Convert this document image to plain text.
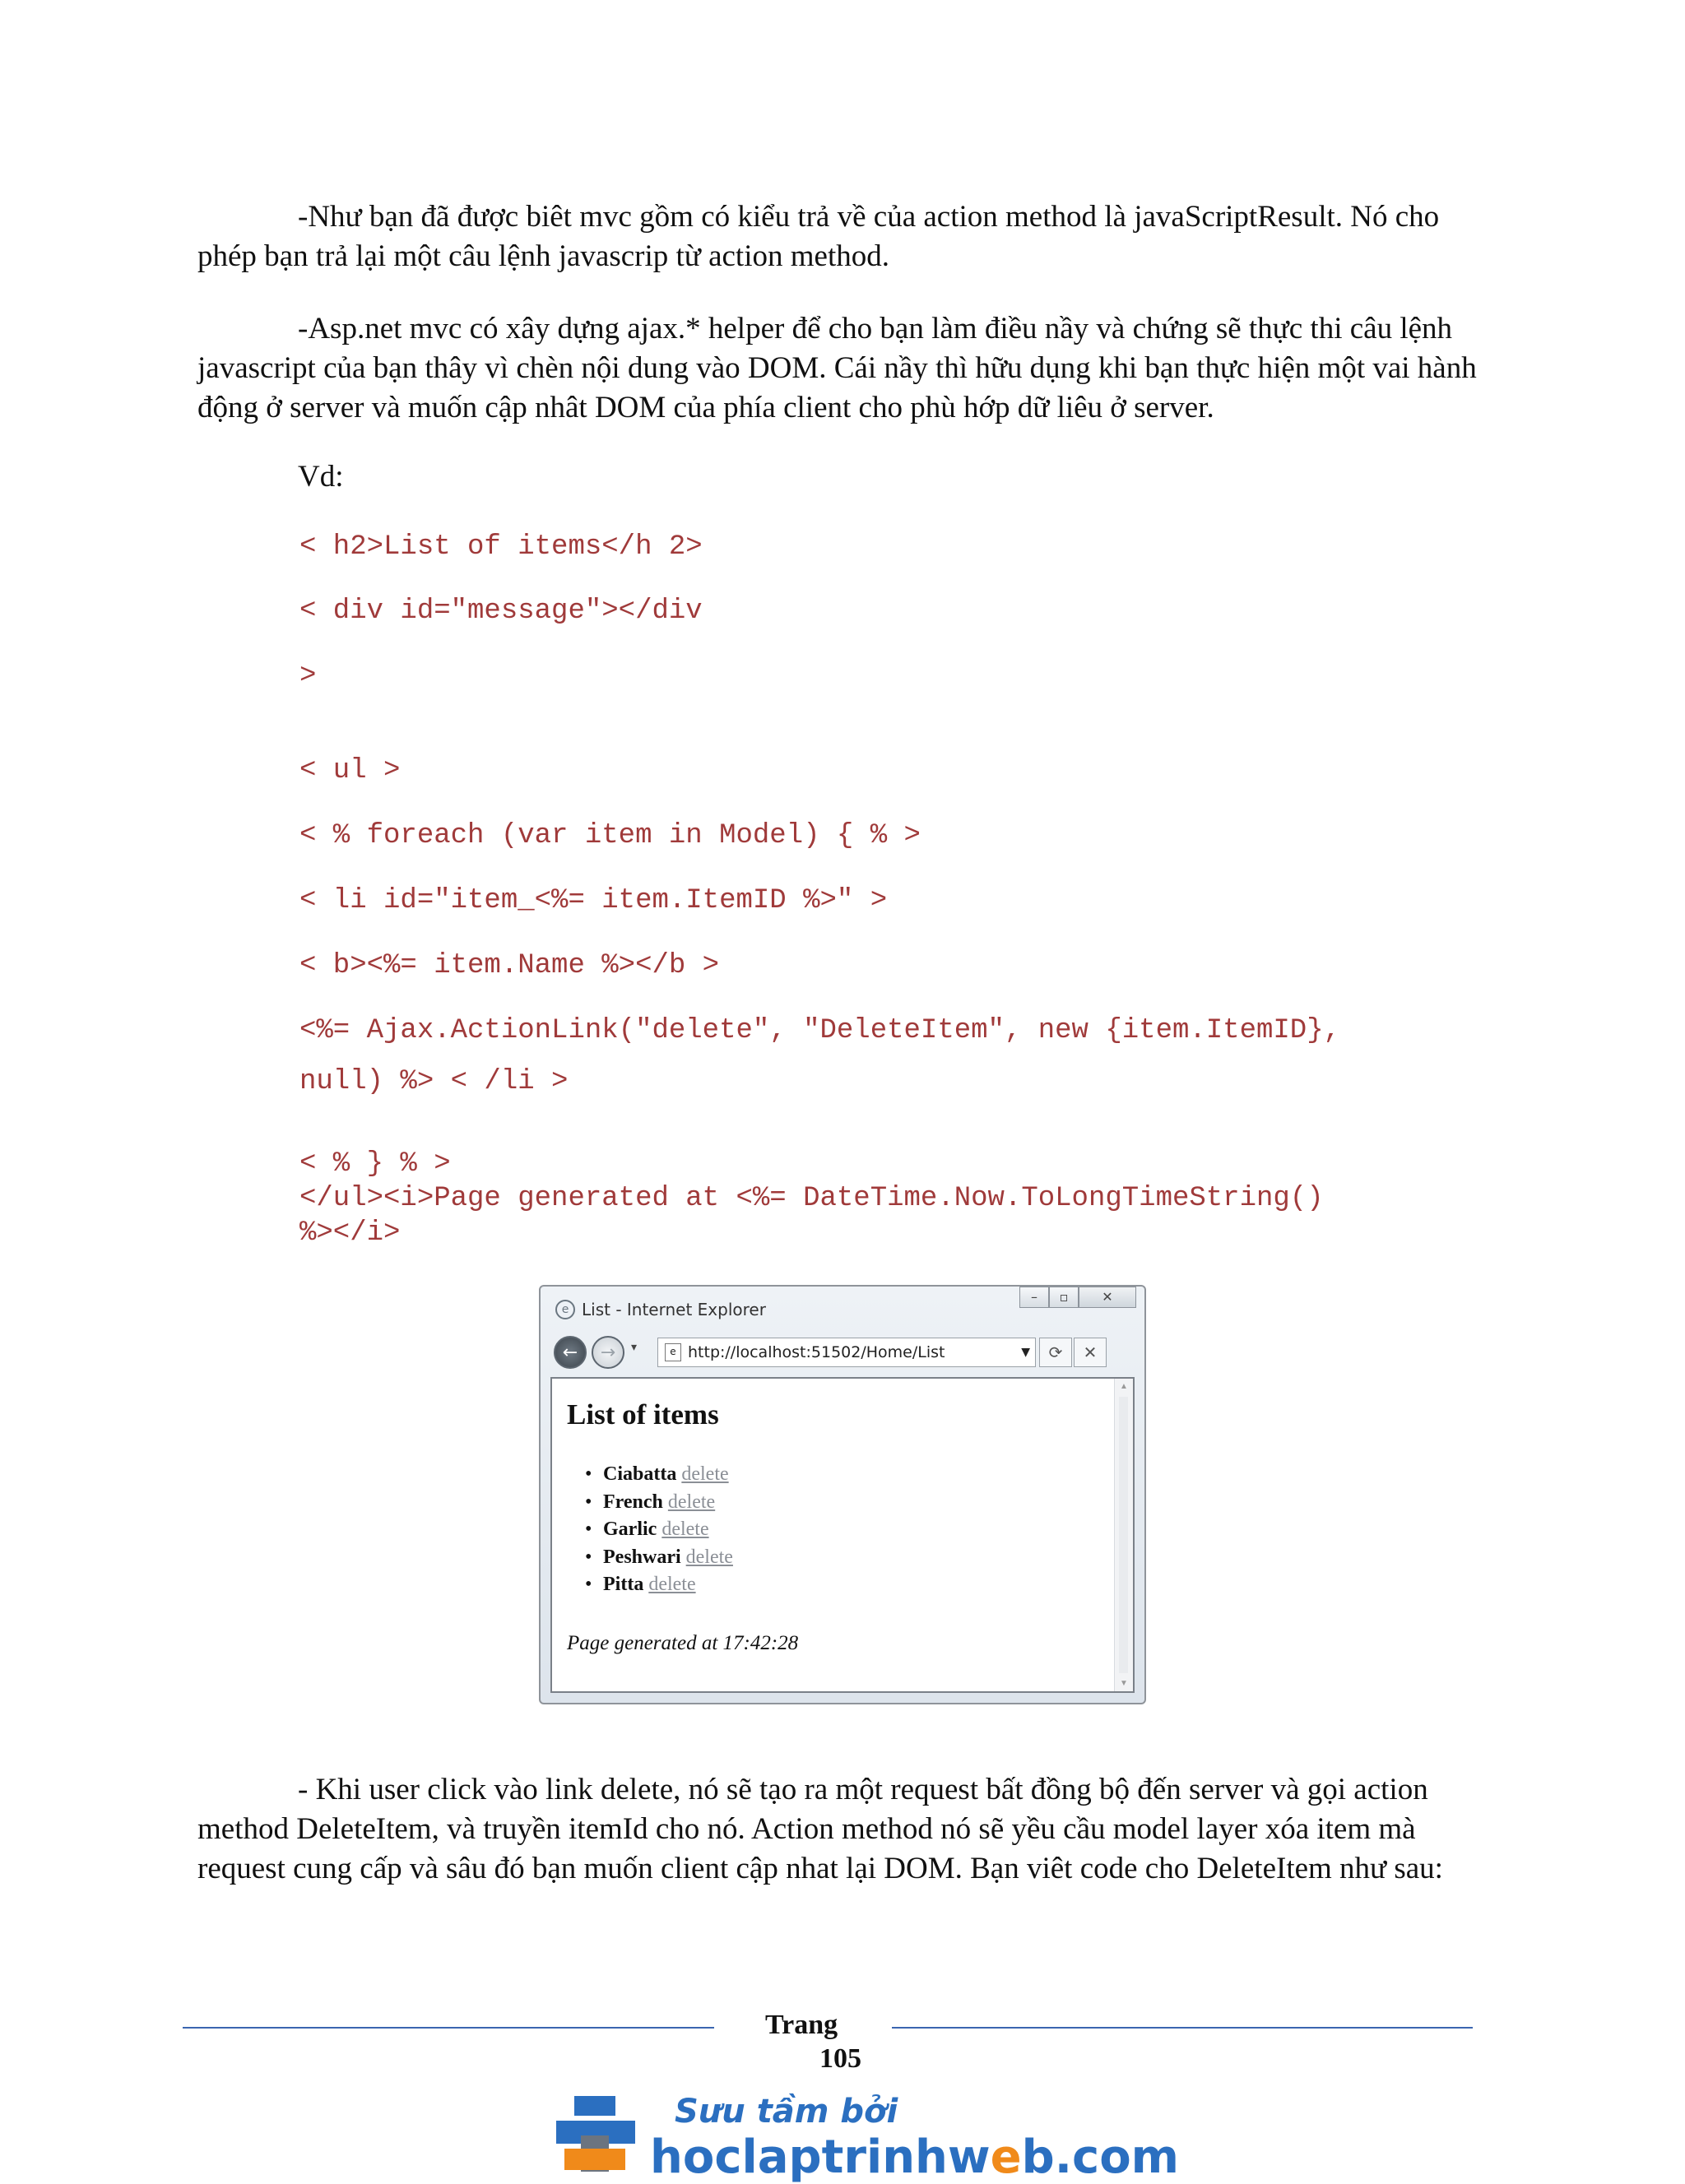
-Như bạn đã được biêt mvc gồm có kiểu trả về của action method là javaScriptResult. Nó cho phép bạn trả lại một câu lệnh javascrip từ action method.

-Asp.net mvc có xây dựng ajax.* helper để cho bạn làm điều nầy và chứng sẽ thực thi câu lệnh javascript của bạn thây vì chèn nội dung vào DOM. Cái nầy thì hữu dụng khi bạn thực hiện một vai hành động ở server và muốn cập nhât DOM của phía client cho phù hớp dữ liêu ở server.

Vd:
< h2>List of items</h 2>
< div id="message"></div
>
< ul >
< % foreach (var item in Model) { % >
< li id="item_<%= item.ItemID %>" >
< b><%= item.Name %></b >
<%= Ajax.ActionLink("delete", "DeleteItem", new {item.ItemID},
null) %> < /li >
< % } % >
</ul><i>Page generated at <%= DateTime.Now.ToLongTimeString()
%></i>
e List - Internet Explorer
–	▫	✕
←	→	▾	e http://localhost:51502/Home/List	▼	⟳	✕
List of items
• Ciabatta delete
• French delete
• Garlic delete
• Peshwari delete
• Pitta delete
Page generated at 17:42:28
▲
▼

- Khi user click vào link delete, nó sẽ tạo ra một request bất đồng bộ đến server và gọi action method DeleteItem, và truyền itemId cho nó. Action method nó sẽ yều cầu model layer xóa item mà request cung cấp và sâu đó bạn muốn client cập nhat lại DOM. Bạn viêt code cho DeleteItem như sau:

Trang
105
Sưu tầm bởi
hoclaptrinhweb.com
